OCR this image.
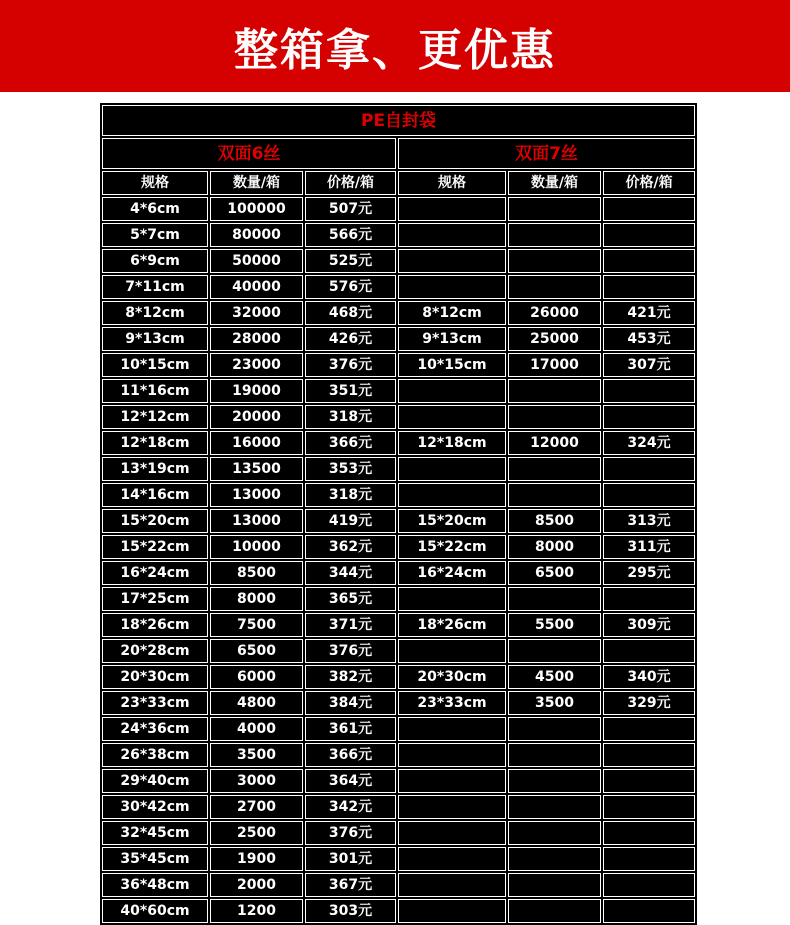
整箱拿、更优惠
PE自封袋					
双面6丝			双面7丝		
规格	数量/箱	价格/箱	规格	数量/箱	价格/箱
4*6cm	100000	507元			
5*7cm	80000	566元			
6*9cm	50000	525元			
7*11cm	40000	576元			
8*12cm	32000	468元	8*12cm	26000	421元
9*13cm	28000	426元	9*13cm	25000	453元
10*15cm	23000	376元	10*15cm	17000	307元
11*16cm	19000	351元			
12*12cm	20000	318元			
12*18cm	16000	366元	12*18cm	12000	324元
13*19cm	13500	353元			
14*16cm	13000	318元			
15*20cm	13000	419元	15*20cm	8500	313元
15*22cm	10000	362元	15*22cm	8000	311元
16*24cm	8500	344元	16*24cm	6500	295元
17*25cm	8000	365元			
18*26cm	7500	371元	18*26cm	5500	309元
20*28cm	6500	376元			
20*30cm	6000	382元	20*30cm	4500	340元
23*33cm	4800	384元	23*33cm	3500	329元
24*36cm	4000	361元			
26*38cm	3500	366元			
29*40cm	3000	364元			
30*42cm	2700	342元			
32*45cm	2500	376元			
35*45cm	1900	301元			
36*48cm	2000	367元			
40*60cm	1200	303元			
